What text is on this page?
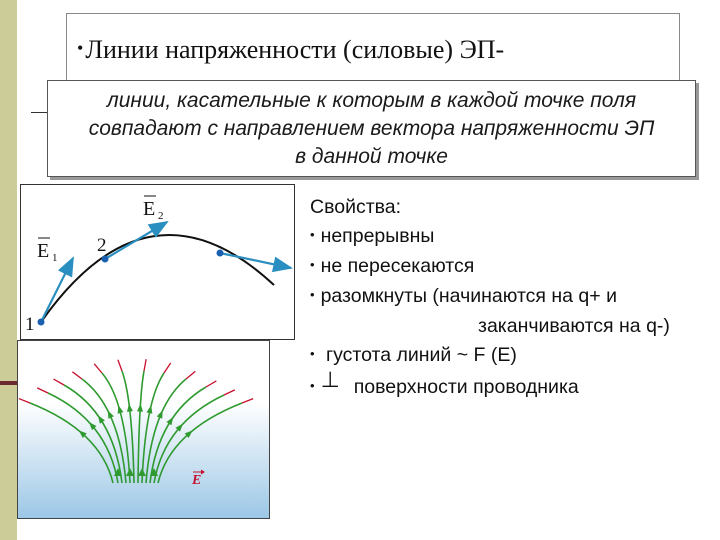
•Линии напряженности (силовые) ЭП-
линии, касательные к которым в каждой точке поля
совпадают с направлением вектора напряженности ЭП
в данной точке
1
2
E 1
E 2
E
Свойства:
• непрерывны
• не пересекаются
• разомкнуты (начинаются на q+ и
заканчиваются на q-)
• густота линий ~ F (E)
• ⊥ поверхности проводника
